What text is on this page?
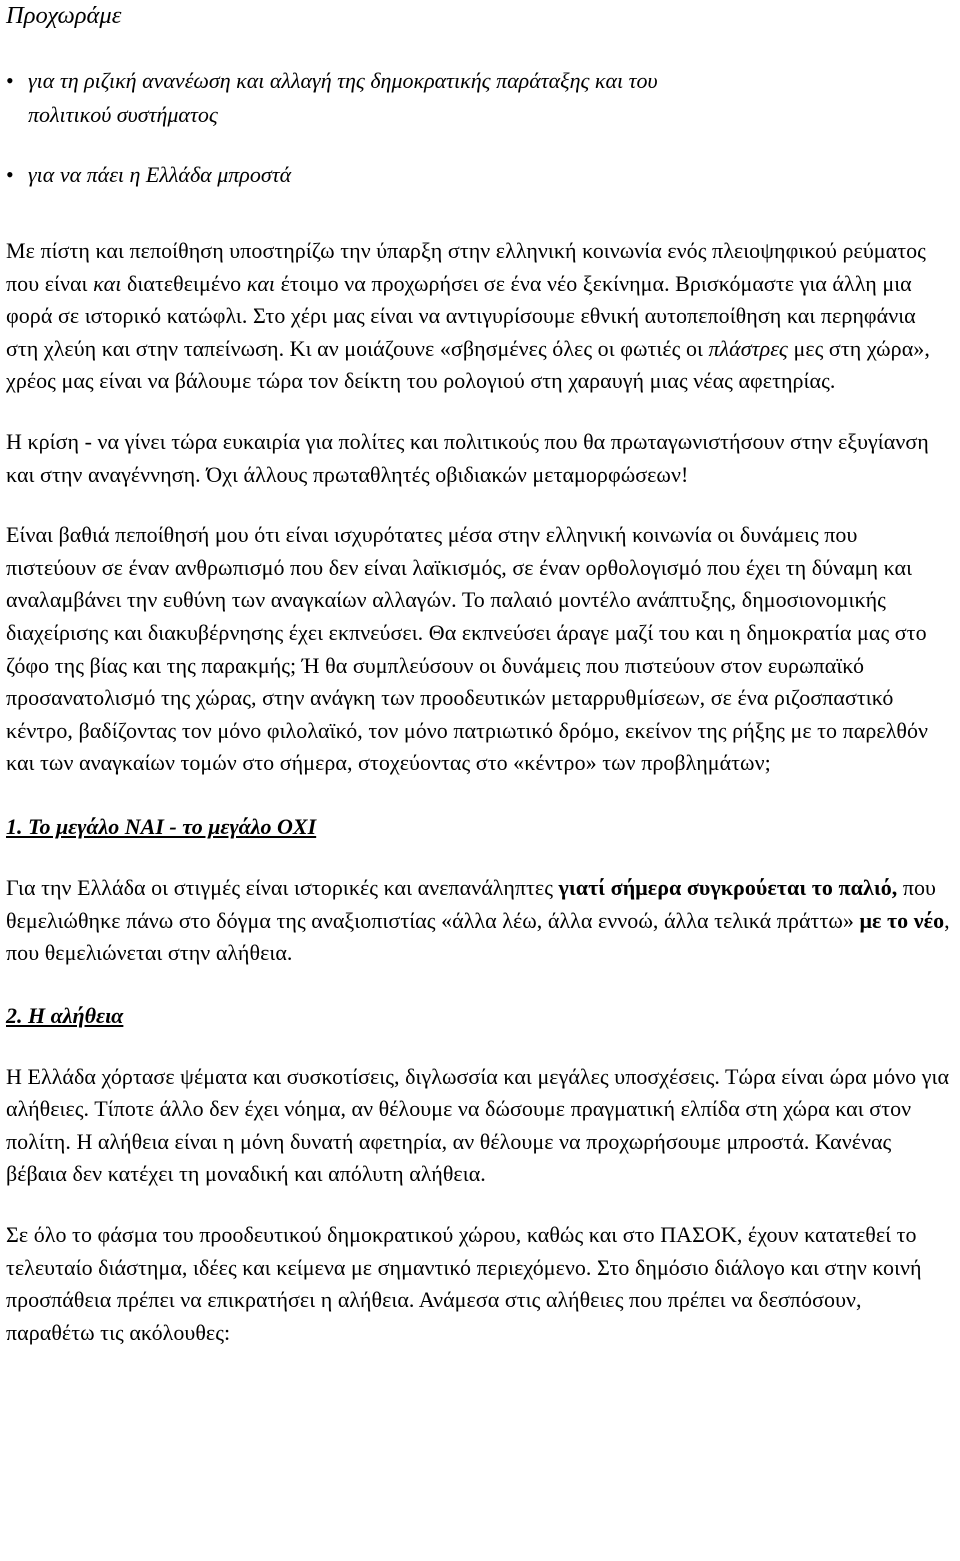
Προχωράμε
• για τη ριζική ανανέωση και αλλαγή της δημοκρατικής παράταξης και του
πολιτικού συστήματος
• για να πάει η Ελλάδα μπροστά

Με πίστη και πεποίθηση υποστηρίζω την ύπαρξη στην ελληνική κοινωνία ενός πλειοψηφικού ρεύματος που είναι και διατεθειμένο και έτοιμο να προχωρήσει σε ένα νέο ξεκίνημα. Βρισκόμαστε για άλλη μια φορά σε ιστορικό κατώφλι. Στο χέρι μας είναι να αντιγυρίσουμε εθνική αυτοπεποίθηση και περηφάνια στη χλεύη και στην ταπείνωση. Κι αν μοιάζουνε «σβησμένες όλες οι φωτιές οι πλάστρες μες στη χώρα», χρέος μας είναι να βάλουμε τώρα τον δείκτη του ρολογιού στη χαραυγή μιας νέας αφετηρίας.

Η κρίση - να γίνει τώρα ευκαιρία για πολίτες και πολιτικούς που θα πρωταγωνιστήσουν στην εξυγίανση και στην αναγέννηση. Όχι άλλους πρωταθλητές οβιδιακών μεταμορφώσεων!

Είναι βαθιά πεποίθησή μου ότι είναι ισχυρότατες μέσα στην ελληνική κοινωνία οι δυνάμεις που πιστεύουν σε έναν ανθρωπισμό που δεν είναι λαϊκισμός, σε έναν ορθολογισμό που έχει τη δύναμη και αναλαμβάνει την ευθύνη των αναγκαίων αλλαγών. Το παλαιό μοντέλο ανάπτυξης, δημοσιονομικής διαχείρισης και διακυβέρνησης έχει εκπνεύσει. Θα εκπνεύσει άραγε μαζί του και η δημοκρατία μας στο ζόφο της βίας και της παρακμής; Ή θα συμπλεύσουν οι δυνάμεις που πιστεύουν στον ευρωπαϊκό προσανατολισμό της χώρας, στην ανάγκη των προοδευτικών μεταρρυθμίσεων, σε ένα ριζοσπαστικό κέντρο, βαδίζοντας τον μόνο φιλολαϊκό, τον μόνο πατριωτικό δρόμο, εκείνον της ρήξης με το παρελθόν και των αναγκαίων τομών στο σήμερα, στοχεύοντας στο «κέντρο» των προβλημάτων;

1. Το μεγάλο ΝΑΙ - το μεγάλο ΟΧΙ

Για την Ελλάδα οι στιγμές είναι ιστορικές και ανεπανάληπτες γιατί σήμερα συγκρούεται το παλιό, που θεμελιώθηκε πάνω στο δόγμα της αναξιοπιστίας «άλλα λέω, άλλα εννοώ, άλλα τελικά πράττω» με το νέο, που θεμελιώνεται στην αλήθεια.

2. Η αλήθεια

Η Ελλάδα χόρτασε ψέματα και συσκοτίσεις, διγλωσσία και μεγάλες υποσχέσεις. Τώρα είναι ώρα μόνο για αλήθειες. Τίποτε άλλο δεν έχει νόημα, αν θέλουμε να δώσουμε πραγματική ελπίδα στη χώρα και στον πολίτη. Η αλήθεια είναι η μόνη δυνατή αφετηρία, αν θέλουμε να προχωρήσουμε μπροστά. Κανένας βέβαια δεν κατέχει τη μοναδική και απόλυτη αλήθεια.

Σε όλο το φάσμα του προοδευτικού δημοκρατικού χώρου, καθώς και στο ΠΑΣΟΚ, έχουν κατατεθεί το τελευταίο διάστημα, ιδέες και κείμενα με σημαντικό περιεχόμενο. Στο δημόσιο διάλογο και στην κοινή προσπάθεια πρέπει να επικρατήσει η αλήθεια. Ανάμεσα στις αλήθειες που πρέπει να δεσπόσουν, παραθέτω τις ακόλουθες:
